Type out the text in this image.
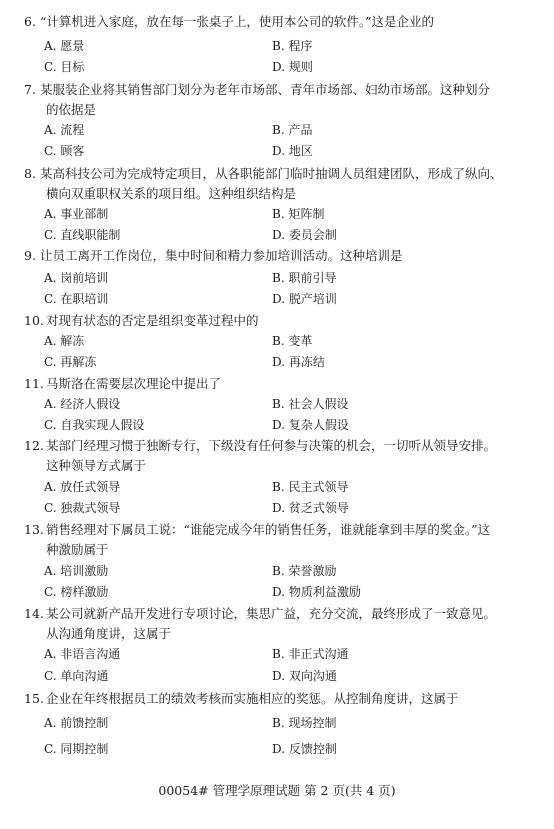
6. “计算机进入家庭，放在每一张桌子上，使用本公司的软件。”这是企业的
A. 愿景	B. 程序
C. 目标	D. 规则
7. 某服装企业将其销售部门划分为老年市场部、青年市场部、妇幼市场部。这种划分
的依据是
A. 流程	B. 产品
C. 顾客	D. 地区
8. 某高科技公司为完成特定项目，从各职能部门临时抽调人员组建团队，形成了纵向、
横向双重职权关系的项目组。这种组织结构是
A. 事业部制	B. 矩阵制
C. 直线职能制	D. 委员会制
9. 让员工离开工作岗位，集中时间和精力参加培训活动。这种培训是
A. 岗前培训	B. 职前引导
C. 在职培训	D. 脱产培训
10. 对现有状态的否定是组织变革过程中的
A. 解冻	B. 变革
C. 再解冻	D. 再冻结
11. 马斯洛在需要层次理论中提出了
A. 经济人假设	B. 社会人假设
C. 自我实现人假设	D. 复杂人假设
12. 某部门经理习惯于独断专行，下级没有任何参与决策的机会，一切听从领导安排。
这种领导方式属于
A. 放任式领导	B. 民主式领导
C. 独裁式领导	D. 贫乏式领导
13. 销售经理对下属员工说：“谁能完成今年的销售任务，谁就能拿到丰厚的奖金。”这
种激励属于
A. 培训激励	B. 荣誉激励
C. 榜样激励	D. 物质利益激励
14. 某公司就新产品开发进行专项讨论，集思广益，充分交流，最终形成了一致意见。
从沟通角度讲，这属于
A. 非语言沟通	B. 非正式沟通
C. 单向沟通	D. 双向沟通
15. 企业在年终根据员工的绩效考核而实施相应的奖惩。从控制角度讲，这属于
A. 前馈控制	B. 现场控制
C. 同期控制	D. 反馈控制
00054# 管理学原理试题 第 2 页(共 4 页)
